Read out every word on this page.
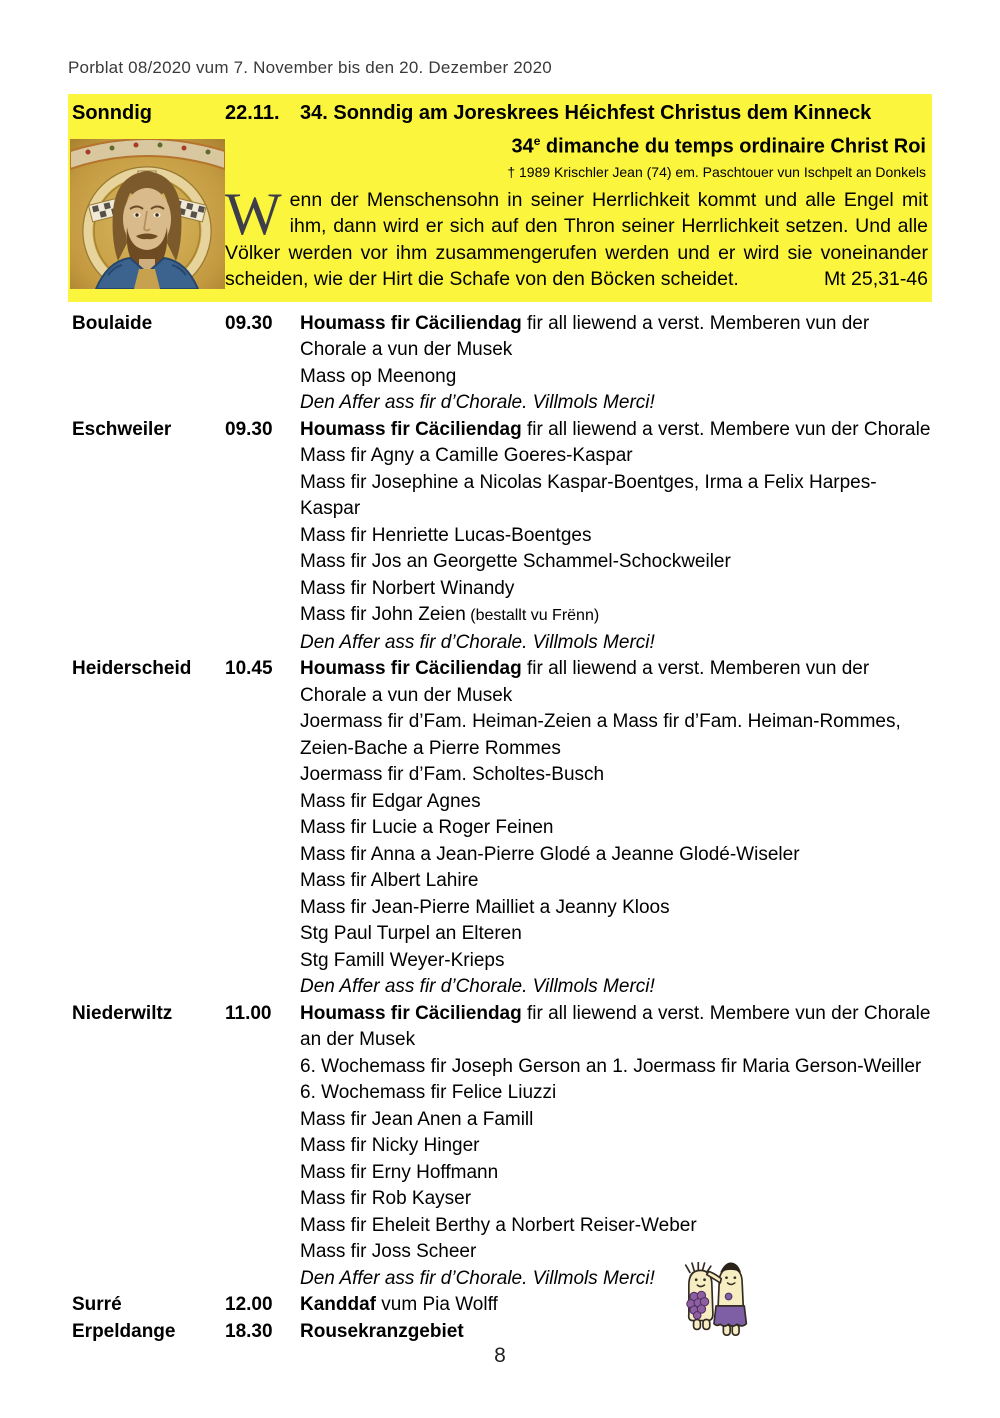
Porblat 08/2020 vum 7. November bis den 20. Dezember 2020
Sonndig	22.11.	34. Sonndig am Joreskrees Héichfest Christus dem Kinneck
34e dimanche du temps ordinaire Christ Roi
† 1989 Krischler Jean (74) em. Paschtouer vun Ischpelt an Donkels
Wenn der Menschensohn in seiner Herrlichkeit kommt und alle Engel mit ihm, dann wird er sich auf den Thron seiner Herrlichkeit setzen. Und alle Völker werden vor ihm zusammengerufen werden und er wird sie voneinander scheiden, wie der Hirt die Schafe von den Böcken scheidet.	Mt 25,31-46
Boulaide	09.30	Houmass fir Cäciliendag fir all liewend a verst. Memberen vun der Chorale a vun der Musek
Mass op Meenong
Den Affer ass fir d’Chorale. Villmols Merci!
Eschweiler	09.30	Houmass fir Cäciliendag fir all liewend a verst. Membere vun der Chorale
Mass fir Agny a Camille Goeres-Kaspar
Mass fir Josephine a Nicolas Kaspar-Boentges, Irma a Felix Harpes-Kaspar
Mass fir Henriette Lucas-Boentges
Mass fir Jos an Georgette Schammel-Schockweiler
Mass fir Norbert Winandy
Mass fir John Zeien (bestallt vu Frënn)
Den Affer ass fir d’Chorale. Villmols Merci!
Heiderscheid	10.45	Houmass fir Cäciliendag fir all liewend a verst. Memberen vun der Chorale a vun der Musek
Joermass fir d’Fam. Heiman-Zeien a Mass fir d’Fam. Heiman-Rommes, Zeien-Bache a Pierre Rommes
Joermass fir d’Fam. Scholtes-Busch
Mass fir Edgar Agnes
Mass fir Lucie a Roger Feinen
Mass fir Anna a Jean-Pierre Glodé a Jeanne Glodé-Wiseler
Mass fir Albert Lahire
Mass fir Jean-Pierre Mailliet a Jeanny Kloos
Stg Paul Turpel an Elteren
Stg Famill Weyer-Krieps
Den Affer ass fir d’Chorale. Villmols Merci!
Niederwiltz	11.00	Houmass fir Cäciliendag fir all liewend a verst. Membere vun der Chorale an der Musek
6. Wochemass fir Joseph Gerson an 1. Joermass fir Maria Gerson-Weiller
6. Wochemass fir Felice Liuzzi
Mass fir Jean Anen a Famill
Mass fir Nicky Hinger
Mass fir Erny Hoffmann
Mass fir Rob Kayser
Mass fir Eheleit Berthy a Norbert Reiser-Weber
Mass fir Joss Scheer
Den Affer ass fir d’Chorale. Villmols Merci!
Surré	12.00	Kanddaf vum Pia Wolff
Erpeldange	18.30	Rousekranzgebiet
8
